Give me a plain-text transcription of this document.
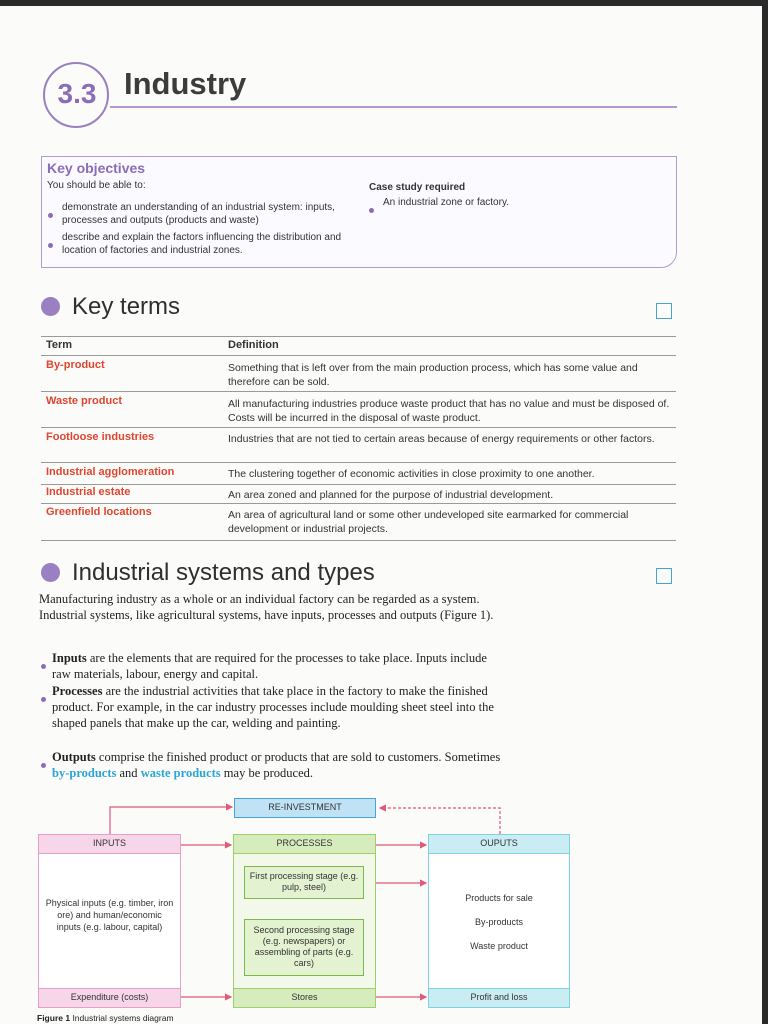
3.3 Industry
Key objectives
You should be able to:
demonstrate an understanding of an industrial system: inputs, processes and outputs (products and waste)
describe and explain the factors influencing the distribution and location of factories and industrial zones.
Case study required
An industrial zone or factory.
Key terms
Term	Definition
By-product	Something that is left over from the main production process, which has some value and therefore can be sold.
Waste product	All manufacturing industries produce waste product that has no value and must be disposed of. Costs will be incurred in the disposal of waste product.
Footloose industries	Industries that are not tied to certain areas because of energy requirements or other factors.
Industrial agglomeration	The clustering together of economic activities in close proximity to one another.
Industrial estate	An area zoned and planned for the purpose of industrial development.
Greenfield locations	An area of agricultural land or some other undeveloped site earmarked for commercial development or industrial projects.
Industrial systems and types
Manufacturing industry as a whole or an individual factory can be regarded as a system. Industrial systems, like agricultural systems, have inputs, processes and outputs (Figure 1).
Inputs are the elements that are required for the processes to take place. Inputs include raw materials, labour, energy and capital.
Processes are the industrial activities that take place in the factory to make the finished product. For example, in the car industry processes include moulding sheet steel into the shaped panels that make up the car, welding and painting.
Outputs comprise the finished product or products that are sold to customers. Sometimes by-products and waste products may be produced.
RE-INVESTMENT
INPUTS
Physical inputs (e.g. timber, iron ore) and human/economic inputs (e.g. labour, capital)
Expenditure (costs)
PROCESSES
First processing stage (e.g. pulp, steel)
Second processing stage (e.g. newspapers) or assembling of parts (e.g. cars)
Stores
OUPUTS
Products for sale
By-products
Waste product
Profit and loss
Figure 1 Industrial systems diagram
